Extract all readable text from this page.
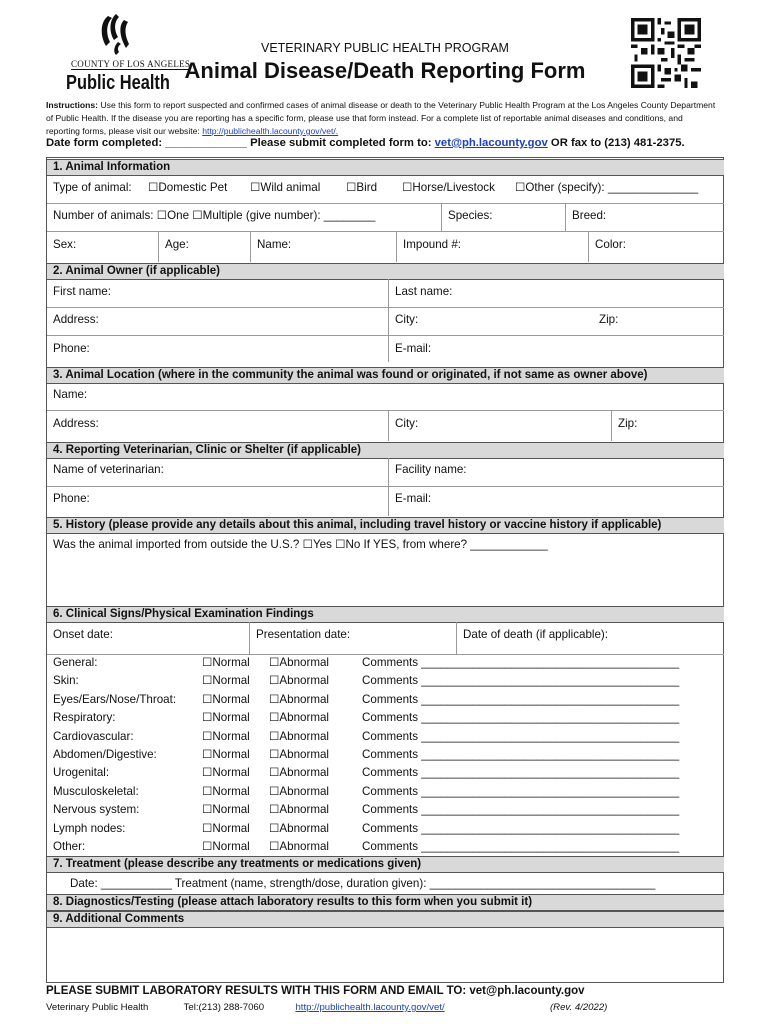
COUNTY OF LOS ANGELES
Public Health
VETERINARY PUBLIC HEALTH PROGRAM
Animal Disease/Death Reporting Form
Instructions: Use this form to report suspected and confirmed cases of animal disease or death to the Veterinary Public Health Program at the Los Angeles County Department of Public Health. If the disease you are reporting has a specific form, please use that form instead. For a complete list of reportable animal diseases and conditions, and reporting forms, please visit our website: http://publichealth.lacounty.gov/vet/.
Date form completed: _____________ Please submit completed form to: vet@ph.lacounty.gov OR fax to (213) 481-2375.
1. Animal Information
Type of animal: ☐Domestic Pet ☐Wild animal ☐Bird ☐Horse/Livestock ☐Other (specify): ______________
Number of animals: ☐One ☐Multiple (give number): ________	Species:	Breed:
Sex:	Age:	Name:	Impound #:	Color:
2. Animal Owner (if applicable)
First name:	Last name:
Address:	City:	Zip:
Phone:	E-mail:
3. Animal Location (where in the community the animal was found or originated, if not same as owner above)
Name:
Address:	City:	Zip:
4. Reporting Veterinarian, Clinic or Shelter (if applicable)
Name of veterinarian:	Facility name:
Phone:	E-mail:
5. History (please provide any details about this animal, including travel history or vaccine history if applicable)
Was the animal imported from outside the U.S.? ☐Yes ☐No If YES, from where? ____________
6. Clinical Signs/Physical Examination Findings
Onset date:	Presentation date:	Date of death (if applicable):
General:	☐Normal ☐Abnormal	Comments ________________________________________
Skin:	☐Normal ☐Abnormal	Comments ________________________________________
Eyes/Ears/Nose/Throat: ☐Normal ☐Abnormal	Comments ________________________________________
Respiratory:	☐Normal ☐Abnormal	Comments ________________________________________
Cardiovascular:	☐Normal ☐Abnormal	Comments ________________________________________
Abdomen/Digestive:	☐Normal ☐Abnormal	Comments ________________________________________
Urogenital:	☐Normal ☐Abnormal	Comments ________________________________________
Musculoskeletal:	☐Normal ☐Abnormal	Comments ________________________________________
Nervous system:	☐Normal ☐Abnormal	Comments ________________________________________
Lymph nodes:	☐Normal ☐Abnormal	Comments ________________________________________
Other:	☐Normal ☐Abnormal	Comments ________________________________________
7. Treatment (please describe any treatments or medications given)
Date: ___________ Treatment (name, strength/dose, duration given): ___________________________________
8. Diagnostics/Testing (please attach laboratory results to this form when you submit it)
9. Additional Comments
PLEASE SUBMIT LABORATORY RESULTS WITH THIS FORM AND EMAIL TO: vet@ph.lacounty.gov
Veterinary Public Health	Tel:(213) 288-7060	http://publichealth.lacounty.gov/vet/	(Rev. 4/2022)
